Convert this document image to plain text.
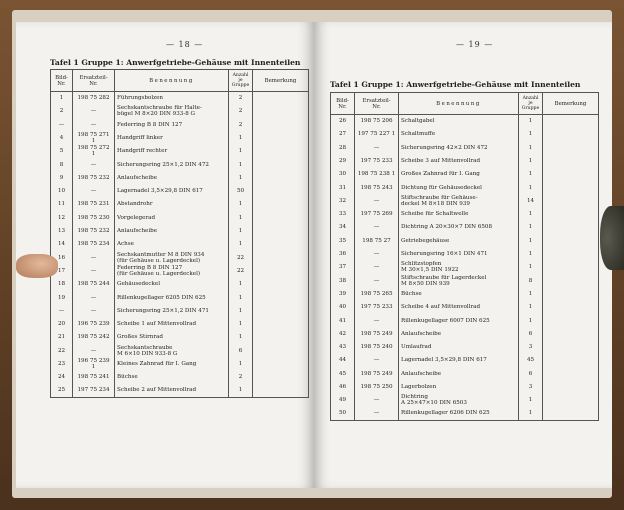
— 18 —
Tafel 1 Gruppe 1: Anwerfgetriebe-Gehäuse mit Innenteilen
Bild-
Nr.	Ersatzteil-
Nr.	Benennung	Anzahl
je
Gruppe	Bemerkung
1	198 75 282	Führungsbolzen	2	
2	—	Sechskantschraube für Halte-
bügel M 8×20 DIN 933-8 G	2	
—	—	Federring B 8 DIN 127	2	
4	198 75 271 1	Handgriff linker	1	
5	198 75 272 1	Handgriff rechter	1	
8	—	Sicherungsring 25×1,2 DIN 472	1	
9	198 75 232	Anlaufscheibe	1	
10	—	Lagernadel 3,5×29,8 DIN 617	50	
11	198 75 231	Abstandrohr	1	
12	198 75 230	Vorgelegerad	1	
13	198 75 232	Anlaufscheibe	1	
14	198 75 234	Achse	1	
16	—	Sechskantmutter M 8 DIN 934
(für Gehäuse u. Lagerdeckel)	22	
17	—	Federring B 8 DIN 127
(für Gehäuse u. Lagerdeckel)	22	
18	198 75 244	Gehäusedeckel	1	
19	—	Rillenkugellager 6205 DIN 625	1	
—	—	Sicherungsring 25×1,2 DIN 471	1	
20	196 75 239	Scheibe 1 auf Mittenvollrad	1	
21	198 75 242	Großes Stirnrad	1	
22	—	Sechskantschraube
M 6×10 DIN 933-8 G	6	
23	196 75 239 1	Kleines Zahnrad für I. Gang	1	
24	198 75 241	Büchse	2	
25	197 75 234	Scheibe 2 auf Mittenvollrad	1	
— 19 —
Tafel 1 Gruppe 1: Anwerfgetriebe-Gehäuse mit Innenteilen
Bild-
Nr.	Ersatzteil-
Nr.	Benennung	Anzahl
je
Gruppe	Bemerkung
26	198 75 206	Schaltgabel	1	
27	197 75 227 1	Schaltmuffe	1	
28	—	Sicherungsring 42×2 DIN 472	1	
29	197 75 233	Scheibe 3 auf Mittenvollrad	1	
30	198 75 238 1	Großes Zahnrad für I. Gang	1	
31	198 75 243	Dichtung für Gehäusedeckel	1	
32	—	Stiftschraube für Gehäuse-
deckel M 8×18 DIN 939	14	
33	197 75 269	Scheibe für Schaltwelle	1	
34	—	Dichtring A 20×30×7 DIN 6508	1	
35	198 75 27	Getriebegehäuse	1	
36	—	Sicherungsring 16×1 DIN 471	1	
37	—	Schlitzstopfen
M 30×1,5 DIN 1922	1	
38	—	Stiftschraube für Lagerdeckel
M 8×50 DIN 939	8	
39	198 75 265	Büchse	1	
40	197 75 233	Scheibe 4 auf Mittenvollrad	1	
41	—	Rillenkugellager 6007 DIN 625	1	
42	198 75 249	Anlaufscheibe	6	
43	198 75 240	Umlaufrad	3	
44	—	Lagernadel 3,5×29,8 DIN 617	45	
45	198 75 249	Anlaufscheibe	6	
46	198 75 250	Lagerbolzen	3	
49	—	Dichtring
A 25×47×10 DIN 6503	1	
50	—	Rillenkugellager 6206 DIN 625	1	
